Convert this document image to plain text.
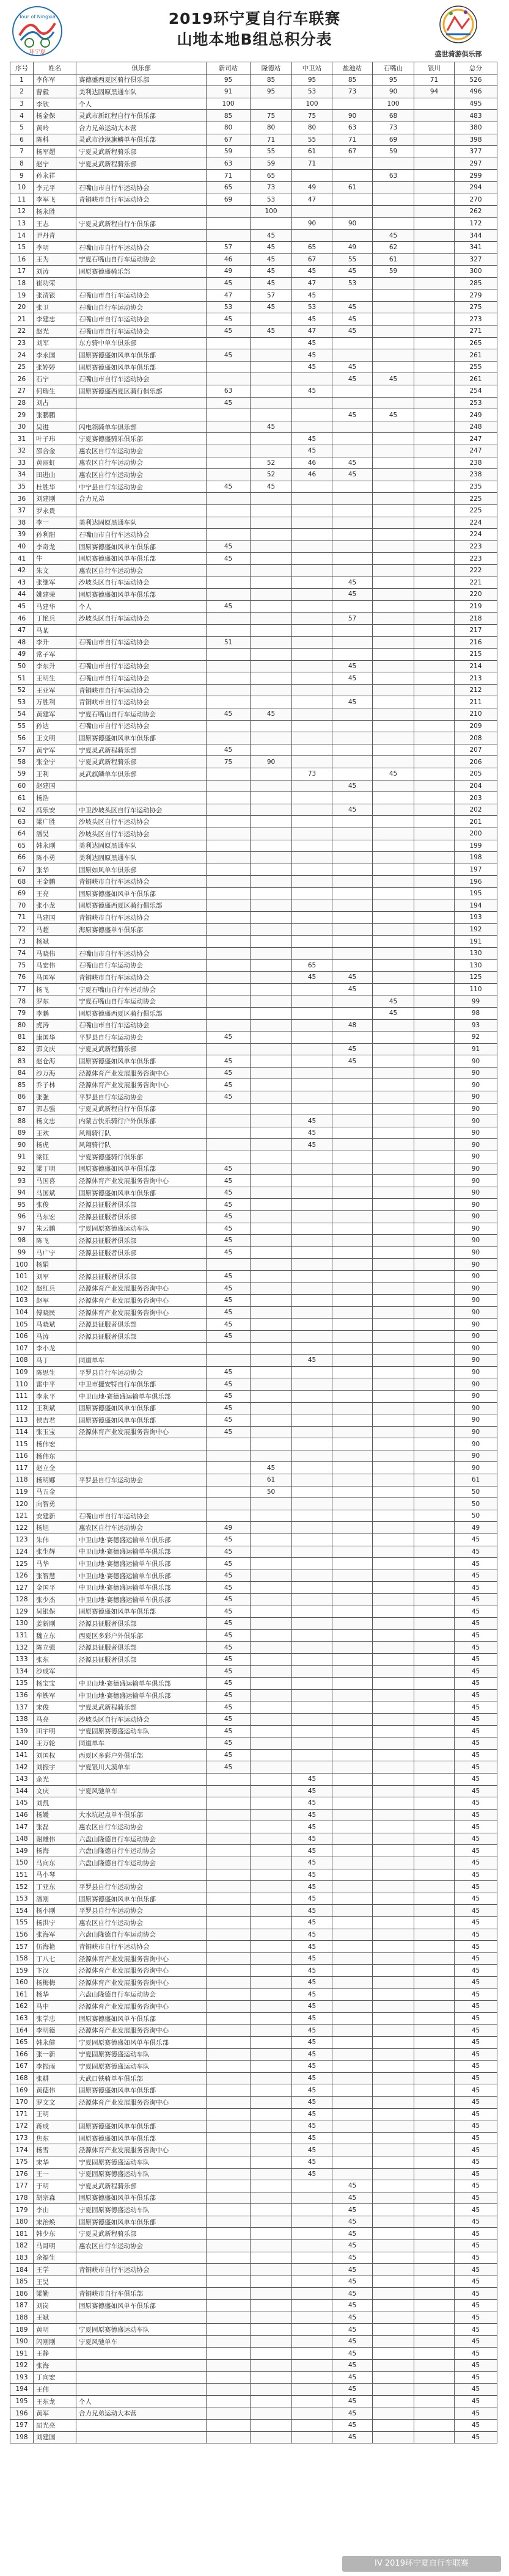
Tour of Ningxia
环宁夏
2019环宁夏自行车联赛
山地本地B组总积分表
盛世骑游俱乐部
序号	姓名	俱乐部	新司站	隆德站	中卫站	盐池站	石嘴山	银川	总分
1	李你军	赛德盛西夏区骑行俱乐部	95	85	95	85	95	71	526
2	曹毅	美利达固原黑通车队	91	95	53	73	90	94	496
3	李欣	个人	100		100		100		495
4	杨金保	灵武市新红程自行车俱乐部	85	75	75	90	68		483
5	黄岭	合力兄弟运动大本营	80	80	80	63	73		380
6	陈科	灵武市沙漠旗鳞单车俱乐部	67	71	55	71	69		398
7	杨军超	宁夏灵武新程骑乐部	59	55	61	67	59		377
8	赵宁	宁夏灵武新程骑乐部	63	59	71				297
9	孙永祥		71	65			63		299
10	李元平	石嘴山市自行车运动协会	65	73	49	61			294
11	李军飞	青铜峡市自行车运动协会	69	53	47				270
12	杨永胜			100					262
13	王志	宁夏灵武新程自行车俱乐部			90	90			172
14	尹丹青			45			45		344
15	李明	石嘴山市自行车运动协会	57	45	65	49	62		341
16	王为	宁夏石嘴山自行车运动协会	46	45	67	55	61		327
17	刘涛	固原赛德盛骑乐部	49	45	45	45	59		300
18	崔功荣		45	45	47	53			285
19	张清银	石嘴山市自行车运动协会	47	57	45				279
20	张卫	石嘴山自行车运动协会	53	45	53	45			275
21	李建忠	石嘴山市自行车运动协会	45		45	45			273
22	赵光	石嘴山市自行车运动协会	45	45	47	45			271
23	刘军	东方骑中单车俱乐部			45				265
24	李永国	固原赛德盛如风单车俱乐部	45		45				261
25	张婷婷	固原赛德盛如风单车俱乐部			45	45			255
26	石宁	石嘴山市自行车运动协会				45	45		261
27	何瑞生	固原赛德盛西夏区骑行俱乐部	63		45				254
28	刘占		45						253
29	张鹏鹏					45	45		249
30	吴进	闪电领骑单车俱乐部		45					248
31	叶子玮	宁夏赛德盛骑乐俱乐部			45				247
32	邵合金	惠农区自行车运动协会			45				247
33	黄丽虹	惠农区自行车运动协会		52	46	45			238
34	田进山	惠农区自行车运动协会		52	46	45			238
35	杜胜华	中宁县自行车运动协会	45	45					235
36	刘建刚	合力兄弟							225
37	罗永贵								225
38	李一	美利达固原黑通车队							224
39	孙利阳	石嘴山市自行车运动协会							224
40	李奇龙	固原赛德盛如风单车俱乐部	45						223
41	牛	固原赛德盛如风单车俱乐部	45						223
42	朱文	惠农区自行车运动协会							222
43	张继军	沙坡头区自行车运动协会				45			221
44	姚建荣	固原赛德盛如风单车俱乐部				45			220
45	马建华	个人	45						219
46	丁艳兵	沙坡头区自行车运动协会				57			218
47	马某								217
48	李升	石嘴山市自行车运动协会	51						216
49	常子军								215
50	李东升	石嘴山市自行车运动协会				45			214
51	王明生	石嘴山市自行车运动协会				45			213
52	王亚军	青铜峡市自行车运动协会							212
53	万胜利	青铜峡市自行车运动协会				45			211
54	黄建军	宁夏石嘴山自行车运动协会	45	45					210
55	孙达	石嘴山市自行车运动协会							209
56	王文明	固原赛德盛如风单车俱乐部							208
57	黄宁军	宁夏灵武新程骑乐部	45						207
58	张全宁	宁夏灵武新程骑乐部	75	90					206
59	王利	灵武旗鳞单车俱乐部			73		45		205
60	赵建国					45			204
61	杨浩								203
62	冯乐安	中卫沙坡头区自行车运动协会				45			202
63	梁广胜	沙坡头区自行车运动协会							201
64	潘昊	沙坡头区自行车运动协会							200
65	韩永刚	美利达固原黑通车队							199
66	陈小勇	美利达固原黑通车队							198
67	张华	固原如风单车俱乐部							197
68	王金鹏	青铜峡市自行车运动协会							196
69	王亮	固原赛德盛如风单车俱乐部							195
70	张小龙	固原赛德盛西夏区骑行俱乐部							194
71	马建国	青铜峡市自行车运动协会							193
72	马超	海原赛德盛单车俱乐部							192
73	杨斌								191
74	马晓伟	石嘴山市自行车运动协会							130
75	马宏伟	石嘴山自行车运动协会			65				130
76	马国军	青铜峡市自行车运动协会			45	45			125
77	杨飞	宁夏石嘴山自行车运动协会				45			110
78	罗东	宁夏石嘴山自行车运动协会					45		99
79	李鹏	固原赛德盛西夏区骑行俱乐部					45		98
80	虎涛	石嘴山市自行车运动协会				48			93
81	康国华	平罗县自行车运动协会	45						92
82	郭文庆	宁夏灵武新程骑乐部				45			91
83	赵仓海	固原赛德盛如风单车俱乐部	45			45			90
84	沙万海	泾源体育产业发展服务咨询中心	45						90
85	乔子林	泾源体育产业发展服务咨询中心	45						90
86	张强	平罗县自行车运动协会	45						90
87	郭志强	宁夏灵武新程自行车俱乐部							90
88	杨文忠	内蒙古快乐骑行户外俱乐部			45				90
89	王欢	风翔骑行队			45				90
90	杨虎	风翔骑行队			45				90
91	梁钰	宁夏赛德盛骑行俱乐部							90
92	梁丁明	固原赛德盛如风单车俱乐部	45						90
93	马国喜	泾源体育产业发展服务咨询中心	45						90
94	马国斌	固原赛德盛如风单车俱乐部	45						90
95	张俊	泾源县征服者俱乐部	45						90
96	马东宏	泾源县征服者俱乐部	45						90
97	朱云鹏	宁夏固原赛德盛运动车队	45						90
98	陈飞	泾源县征服者俱乐部	45						90
99	马广宁	泾源县征服者俱乐部	45						90
100	杨娟								90
101	刘军	泾源县征服者俱乐部	45						90
102	赵红兵	泾源体育产业发展服务咨询中心	45						90
103	赵军	泾源体育产业发展服务咨询中心	45						90
104	傅晓民	泾源体育产业发展服务咨询中心	45						90
105	马晓斌	泾源县征服者俱乐部	45						90
106	马涛	泾源县征服者俱乐部	45						90
107	李小龙								90
108	马丁	同道单车			45				90
109	陈思生	平罗县自行车运动协会	45						90
110	雷中平	中卫市捷安特自行车俱乐部	45						90
111	李永平	中卫山地·赛德盛运输单车俱乐部	45						90
112	王利斌	固原赛德盛如风单车俱乐部	45						90
113	侯吉君	固原赛德盛如风单车俱乐部	45						90
114	张玉宝	泾源体育产业发展服务咨询中心	45						90
115	杨伟宏								90
116	杨伟东								90
117	赵立全			45					90
118	杨明娜	平罗县自行车运动协会		61					61
119	马五金			50					50
120	向智勇								50
121	安建新	石嘴山市自行车运动协会							50
122	杨旭	惠农区自行车运动协会	49						49
123	朱伟	中卫山地·赛德盛运输单车俱乐部	45						45
124	张生辉	中卫山地·赛德盛运输单车俱乐部	45						45
125	马华	中卫山地·赛德盛运输单车俱乐部	45						45
126	张智慧	中卫山地·赛德盛运输单车俱乐部	45						45
127	金国平	中卫山地·赛德盛运输单车俱乐部	45						45
128	张少杰	中卫山地·赛德盛运输单车俱乐部	45						45
129	吴银保	固原赛德盛如风单车俱乐部	45						45
130	姜新刚	泾源县征服者俱乐部	45						45
131	魏立东	西夏区多彩户外俱乐部	45						45
132	陈立强	泾源县征服者俱乐部	45						45
133	张东	泾源县征服者俱乐部	45						45
134	沙成军		45						45
135	杨宝宝	中卫山地·赛德盛运输单车俱乐部	45						45
136	牟铁军	中卫山地·赛德盛运输单车俱乐部	45						45
137	宋俊	宁夏灵武新程骑乐部	45						45
138	马亮	沙坡头区自行车运动协会	45						45
139	田宇明	宁夏固原赛德盛运动车队	45						45
140	王万轮	同道单车	45						45
141	刘国权	西夏区多彩户外俱乐部	45						45
142	刘振宇	宁夏银川大漠单车	45						45
143	余光				45				45
144	文庆	宁夏风驰单车			45				45
145	刘凯				45				45
146	杨媛	大水坑起点单车俱乐部			45				45
147	张磊	惠农区自行车运动协会			45				45
148	谢雄伟	六盘山隆德自行车运动协会			45				45
149	杨海	六盘山隆德自行车运动协会			45				45
150	马向东	六盘山隆德自行车运动协会			45				45
151	马小琴				45				45
152	丁亚东	平罗县自行车运动协会			45				45
153	潘刚	固原赛德盛如风单车俱乐部			45				45
154	杨小刚	平罗县自行车运动协会			45				45
155	杨洪宁	惠农区自行车运动协会			45				45
156	张海军	六盘山隆德自行车运动协会			45				45
157	伍海艳	青铜峡市自行车运动协会			45				45
158	丁八七	泾源体育产业发展服务咨询中心			45				45
159	卞汉	泾源体育产业发展服务咨询中心			45				45
160	杨梅梅	泾源体育产业发展服务咨询中心			45				45
161	杨华	六盘山隆德自行车运动协会			45				45
162	马中	泾源体育产业发展服务咨询中心			45				45
163	张学忠	固原赛德盛如风单车俱乐部			45				45
164	李明德	泾源体育产业发展服务咨询中心			45				45
165	韩永健	宁夏固原赛德盛如风单车俱乐部			45				45
166	张一新	宁夏固原赛德盛运动车队			45				45
167	李振雨	宁夏固原赛德盛运动车队			45				45
168	张耕	大武口铁骑单车俱乐部			45				45
169	黄德伟	固原赛德盛如风单车俱乐部			45				45
170	罗文文	泾源体育产业发展服务咨询中心			45				45
171	王明				45				45
172	蒋成	固原赛德盛如风单车俱乐部			45				45
173	焦东	固原赛德盛如风单车俱乐部			45				45
174	杨雪	泾源体育产业发展服务咨询中心			45				45
175	宋华	宁夏固原赛德盛运动车队			45				45
176	王一	宁夏固原赛德盛运动车队			45				45
177	于明	宁夏灵武新程骑乐部				45			45
178	胡宗森	固原赛德盛如风单车俱乐部				45			45
179	李山	宁夏固原赛德盛运动车队				45			45
180	宋治焕	固原赛德盛如风单车俱乐部				45			45
181	韩少东	宁夏灵武新程骑乐部				45			45
182	马哥明	惠农区自行车运动协会				45			45
183	余福生					45			45
184	王学	青铜峡市自行车运动协会				45			45
185	王昊					45			45
186	梁勤	青铜峡市自行车俱乐部				45			45
187	刘岗	固原赛德盛如风单车俱乐部				45			45
188	王斌					45			45
189	黄明	宁夏固原赛德盛运动车队				45			45
190	闪刚刚	宁夏风驰单车				45			45
191	王静					45			45
192	张海					45			45
193	丁向宏					45			45
194	王伟					45			45
195	王东龙	个人				45			45
196	黄军	合力兄弟运动大本营				45			45
197	屈光亮					45			45
198	刘建国					45			45
IV 2019环宁夏自行车联赛
